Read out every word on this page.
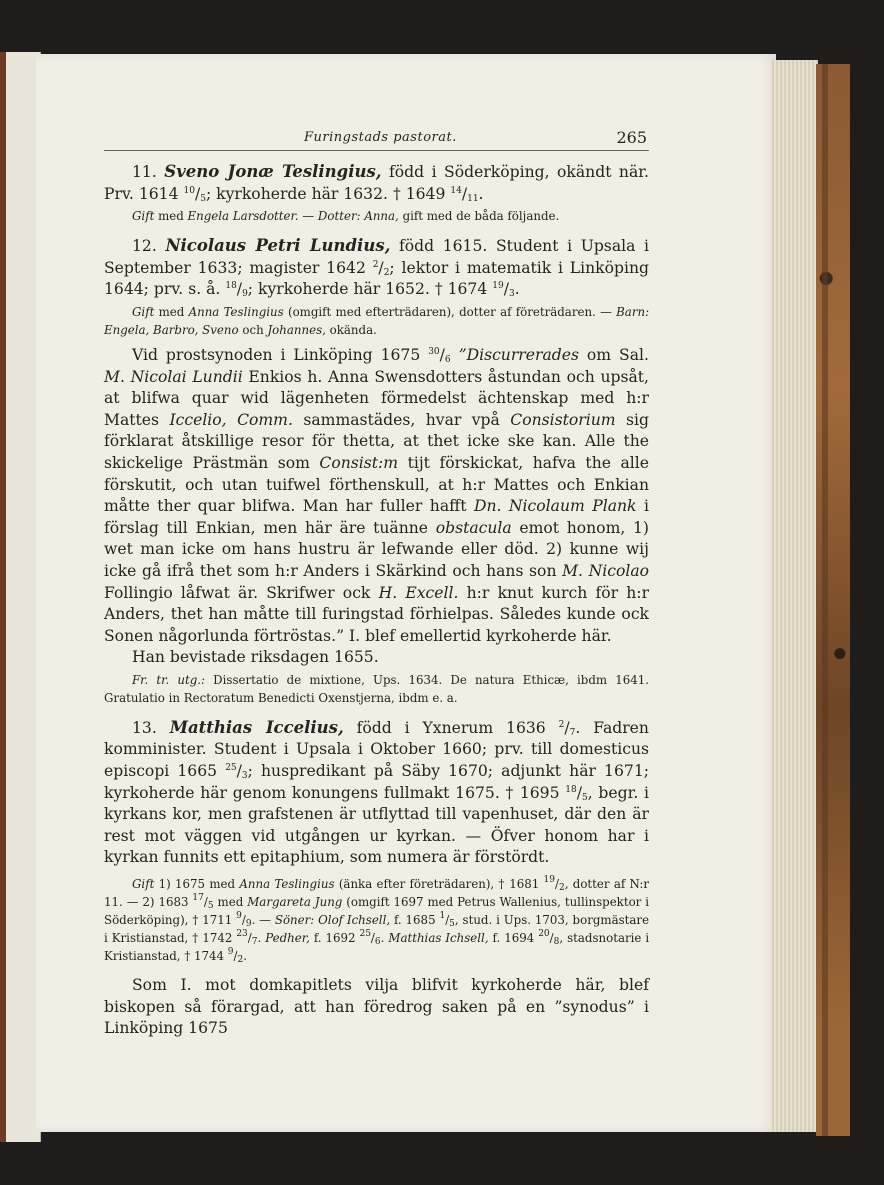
Furingstads pastorat.	265

11. Sveno Jonæ Teslingius, född i Söderköping, okändt när. Prv. 1614 $^{10}/_5$; kyrkoherde här 1632. † 1649 $^{14}/_{11}$.

Gift med Engela Larsdotter. — Dotter: Anna, gift med de båda följande.

12. Nicolaus Petri Lundius, född 1615. Student i Upsala i September 1633; magister 1642 $^2/_2$; lektor i matematik i Linköping 1644; prv. s. å. $^{18}/_9$; kyrkoherde här 1652. † 1674 $^{19}/_3$.

Gift med Anna Teslingius (omgift med efterträdaren), dotter af företrädaren. — Barn: Engela, Barbro, Sveno och Johannes, okända.

Vid prostsynoden i Linköping 1675 $^{30}/_6$ ”Discurrerades om Sal. M. Nicolai Lundii Enkios h. Anna Swensdotters åstundan och upsåt, at blifwa quar wid lägenheten förmedelst ächtenskap med h:r Mattes Iccelio, Comm. sammastädes, hvar vpå Consistorium sig förklarat åtskillige resor för thetta, at thet icke ske kan. Alle the skickelige Prästmän som Consist:m tijt förskickat, hafva the alle förskutit, och utan tuifwel förthenskull, at h:r Mattes och Enkian måtte ther quar blifwa. Man har fuller hafft Dn. Nicolaum Plank i förslag till Enkian, men här äre tuänne obstacula emot honom, 1) wet man icke om hans hustru är lefwande eller död. 2) kunne wij icke gå ifrå thet som h:r Anders i Skärkind och hans son M. Nicolao Follingio låfwat är. Skrifwer ock H. Excell. h:r knut kurch för h:r Anders, thet han måtte till furingstad förhielpas. Således kunde ock Sonen någorlunda förtröstas.” I. blef emellertid kyrkoherde här.

Han bevistade riksdagen 1655.

Fr. tr. utg.: Dissertatio de mixtione, Ups. 1634. De natura Ethicæ, ibdm 1641. Gratulatio in Rectoratum Benedicti Oxenstjerna, ibdm e. a.

13. Matthias Iccelius, född i Yxnerum 1636 $^2/_7$. Fadren komminister. Student i Upsala i Oktober 1660; prv. till domesticus episcopi 1665 $^{25}/_3$; huspredikant på Säby 1670; adjunkt här 1671; kyrkoherde här genom konungens fullmakt 1675. † 1695 $^{18}/_5$, begr. i kyrkans kor, men grafstenen är utflyttad till vapenhuset, där den är rest mot väggen vid utgången ur kyrkan. — Öfver honom har i kyrkan funnits ett epitaphium, som numera är förstördt.

Gift 1) 1675 med Anna Teslingius (änka efter företrädaren), † 1681 $^{19}/_2$, dotter af N:r 11. — 2) 1683 $^{17}/_5$ med Margareta Jung (omgift 1697 med Petrus Wallenius, tullinspektor i Söderköping), † 1711 $^9/_9$. — Söner: Olof Ichsell, f. 1685 $^1/_5$, stud. i Ups. 1703, borgmästare i Kristianstad, † 1742 $^{23}/_7$. Pedher, f. 1692 $^{25}/_6$. Matthias Ichsell, f. 1694 $^{20}/_8$, stadsnotarie i Kristianstad, † 1744 $^9/_2$.

Som I. mot domkapitlets vilja blifvit kyrkoherde här, blef biskopen så förargad, att han föredrog saken på en ”synodus” i Linköping 1675
